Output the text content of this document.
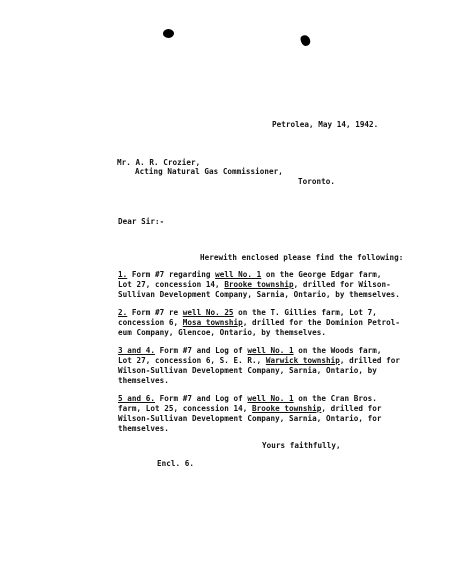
Petrolea, May 14, 1942.
Mr. A. R. Crozier,
Acting Natural Gas Commissioner,
Toronto.
Dear Sir:-
Herewith enclosed please find the following:
1. Form #7 regarding well No. 1 on the George Edgar farm,
Lot 27, concession 14, Brooke township, drilled for Wilson-
Sullivan Development Company, Sarnia, Ontario, by themselves.
2. Form #7 re well No. 25 on the T. Gillies farm, Lot 7,
concession 6, Mosa township, drilled for the Dominion Petrol-
eum Company, Glencoe, Ontario, by themselves.
3 and 4. Form #7 and Log of well No. 1 on the Woods farm,
Lot 27, concession 6, S. E. R., Warwick township, drilled for
Wilson-Sullivan Development Company, Sarnia, Ontario, by
themselves.
5 and 6. Form #7 and Log of well No. 1 on the Cran Bros.
farm, Lot 25, concession 14, Brooke township, drilled for
Wilson-Sullivan Development Company, Sarnia, Ontario, for
themselves.
Yours faithfully,
Encl. 6.
